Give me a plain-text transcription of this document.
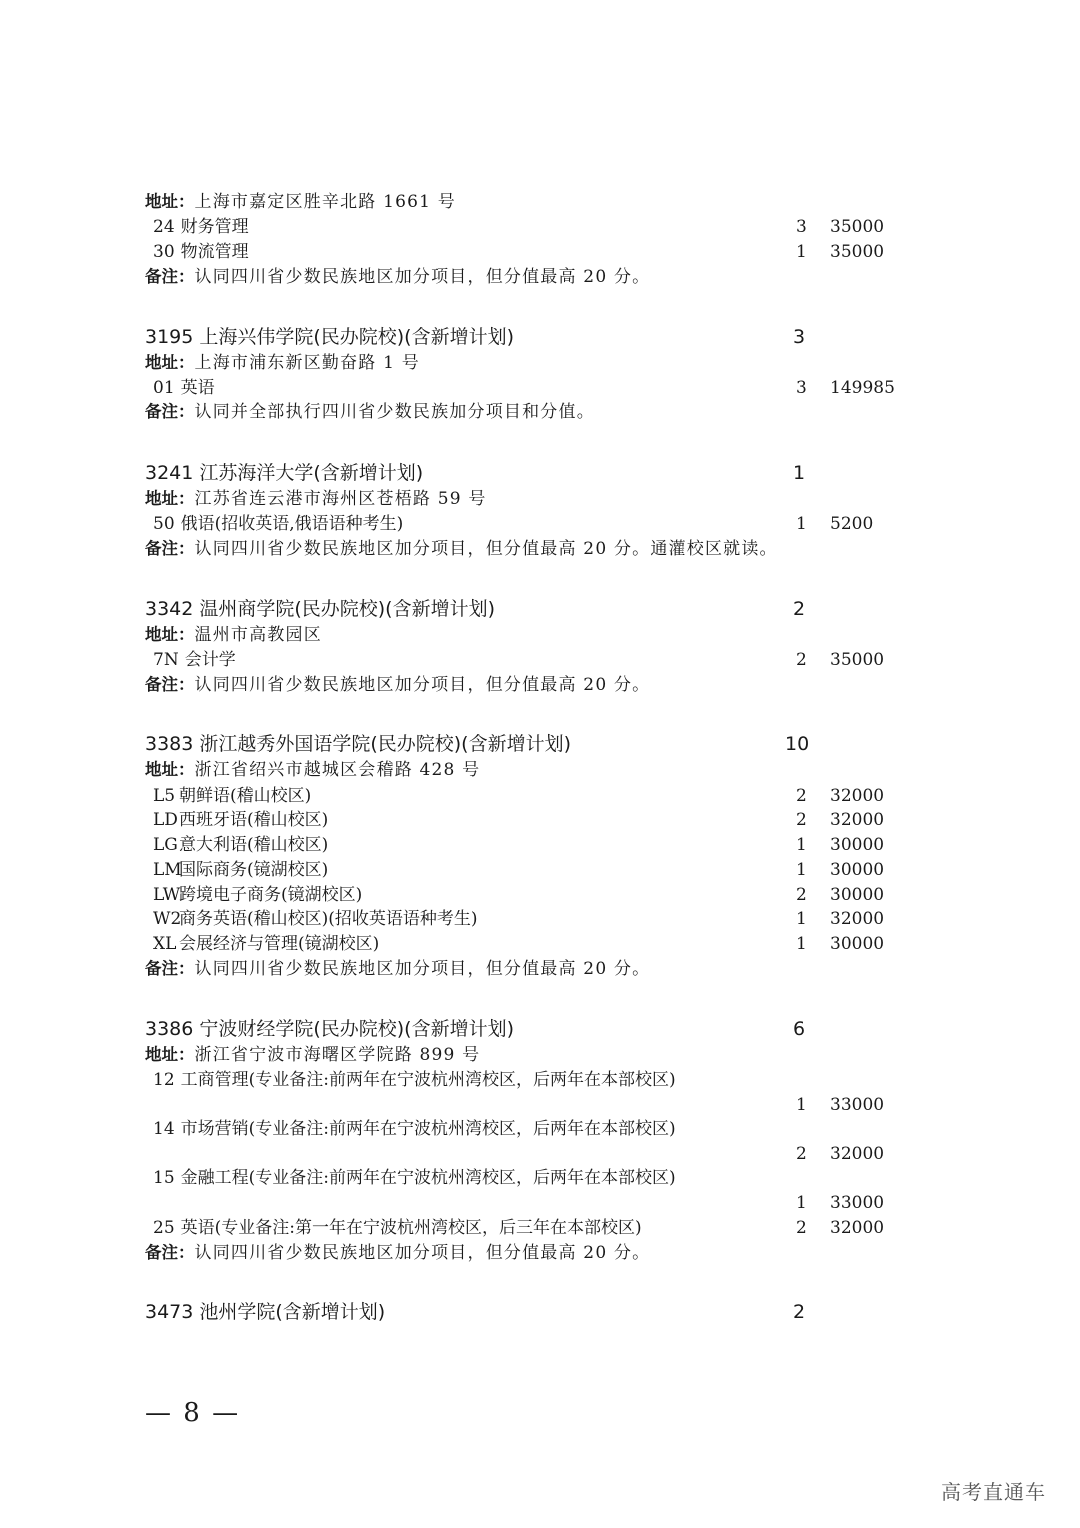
地址：上海市嘉定区胜辛北路 1661 号
24 财务管理	3 35000
30 物流管理	1 35000
备注：认同四川省少数民族地区加分项目，但分值最高 20 分。
3195 上海兴伟学院(民办院校)(含新增计划)	3
地址：上海市浦东新区勤奋路 1 号
01 英语	3 149985
备注：认同并全部执行四川省少数民族加分项目和分值。
3241 江苏海洋大学(含新增计划)	1
地址：江苏省连云港市海州区苍梧路 59 号
50 俄语(招收英语,俄语语种考生)	1 5200
备注：认同四川省少数民族地区加分项目，但分值最高 20 分。通灌校区就读。
3342 温州商学院(民办院校)(含新增计划)	2
地址：温州市高教园区
7N 会计学	2 35000
备注：认同四川省少数民族地区加分项目，但分值最高 20 分。
3383 浙江越秀外国语学院(民办院校)(含新增计划)	10
地址：浙江省绍兴市越城区会稽路 428 号
L5 朝鲜语(稽山校区)	2 32000
LD西班牙语(稽山校区)	2 32000
LG意大利语(稽山校区)	1 30000
LM国际商务(镜湖校区)	1 30000
LW跨境电子商务(镜湖校区)	2 30000
W2商务英语(稽山校区)(招收英语语种考生)	1 32000
XL 会展经济与管理(镜湖校区)	1 30000
备注：认同四川省少数民族地区加分项目，但分值最高 20 分。
3386 宁波财经学院(民办院校)(含新增计划)	6
地址：浙江省宁波市海曙区学院路 899 号
12 工商管理(专业备注:前两年在宁波杭州湾校区，后两年在本部校区)
1 33000
14 市场营销(专业备注:前两年在宁波杭州湾校区，后两年在本部校区)
2 32000
15 金融工程(专业备注:前两年在宁波杭州湾校区，后两年在本部校区)
1 33000
25 英语(专业备注:第一年在宁波杭州湾校区，后三年在本部校区)	2 32000
备注：认同四川省少数民族地区加分项目，但分值最高 20 分。
3473 池州学院(含新增计划)	2
— 8 —
高考直通车
